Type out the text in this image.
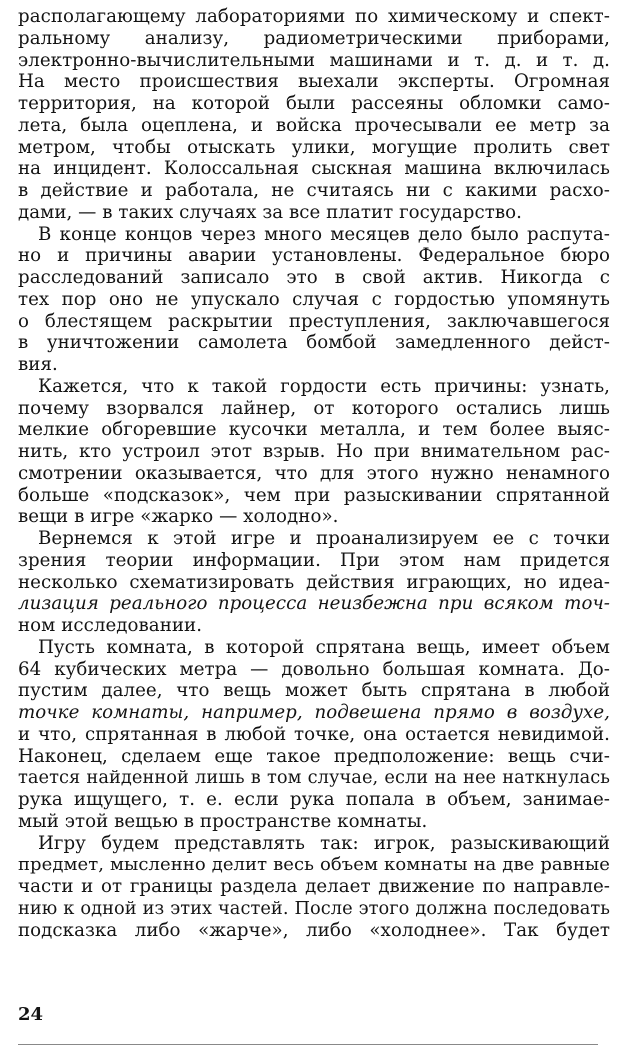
располагающему лабораториями по химическому и спект-
ральному анализу, радиометрическими приборами,
электронно-вычислительными машинами и т. д. и т. д.
На место происшествия выехали эксперты. Огромная
территория, на которой были рассеяны обломки само-
лета, была оцеплена, и войска прочесывали ее метр за
метром, чтобы отыскать улики, могущие пролить свет
на инцидент. Колоссальная сыскная машина включилась
в действие и работала, не считаясь ни с какими расхо-
дами, — в таких случаях за все платит государство.
В конце концов через много месяцев дело было распута-
но и причины аварии установлены. Федеральное бюро
расследований записало это в свой актив. Никогда с
тех пор оно не упускало случая с гордостью упомянуть
о блестящем раскрытии преступления, заключавшегося
в уничтожении самолета бомбой замедленного дейст-
вия.
Кажется, что к такой гордости есть причины: узнать,
почему взорвался лайнер, от которого остались лишь
мелкие обгоревшие кусочки металла, и тем более выяс-
нить, кто устроил этот взрыв. Но при внимательном рас-
смотрении оказывается, что для этого нужно ненамного
больше «подсказок», чем при разыскивании спрятанной
вещи в игре «жарко — холодно».
Вернемся к этой игре и проанализируем ее с точки
зрения теории информации. При этом нам придется
несколько схематизировать действия играющих, но идеа-
лизация реального процесса неизбежна при всяком точ-
ном исследовании.
Пусть комната, в которой спрятана вещь, имеет объем
64 кубических метра — довольно большая комната. До-
пустим далее, что вещь может быть спрятана в любой
точке комнаты, например, подвешена прямо в воздухе,
и что, спрятанная в любой точке, она остается невидимой.
Наконец, сделаем еще такое предположение: вещь счи-
тается найденной лишь в том случае, если на нее наткнулась
рука ищущего, т. е. если рука попала в объем, занимае-
мый этой вещью в пространстве комнаты.
Игру будем представлять так: игрок, разыскивающий
предмет, мысленно делит весь объем комнаты на две равные
части и от границы раздела делает движение по направле-
нию к одной из этих частей. После этого должна последовать
подсказка либо «жарче», либо «холоднее». Так будет
24
